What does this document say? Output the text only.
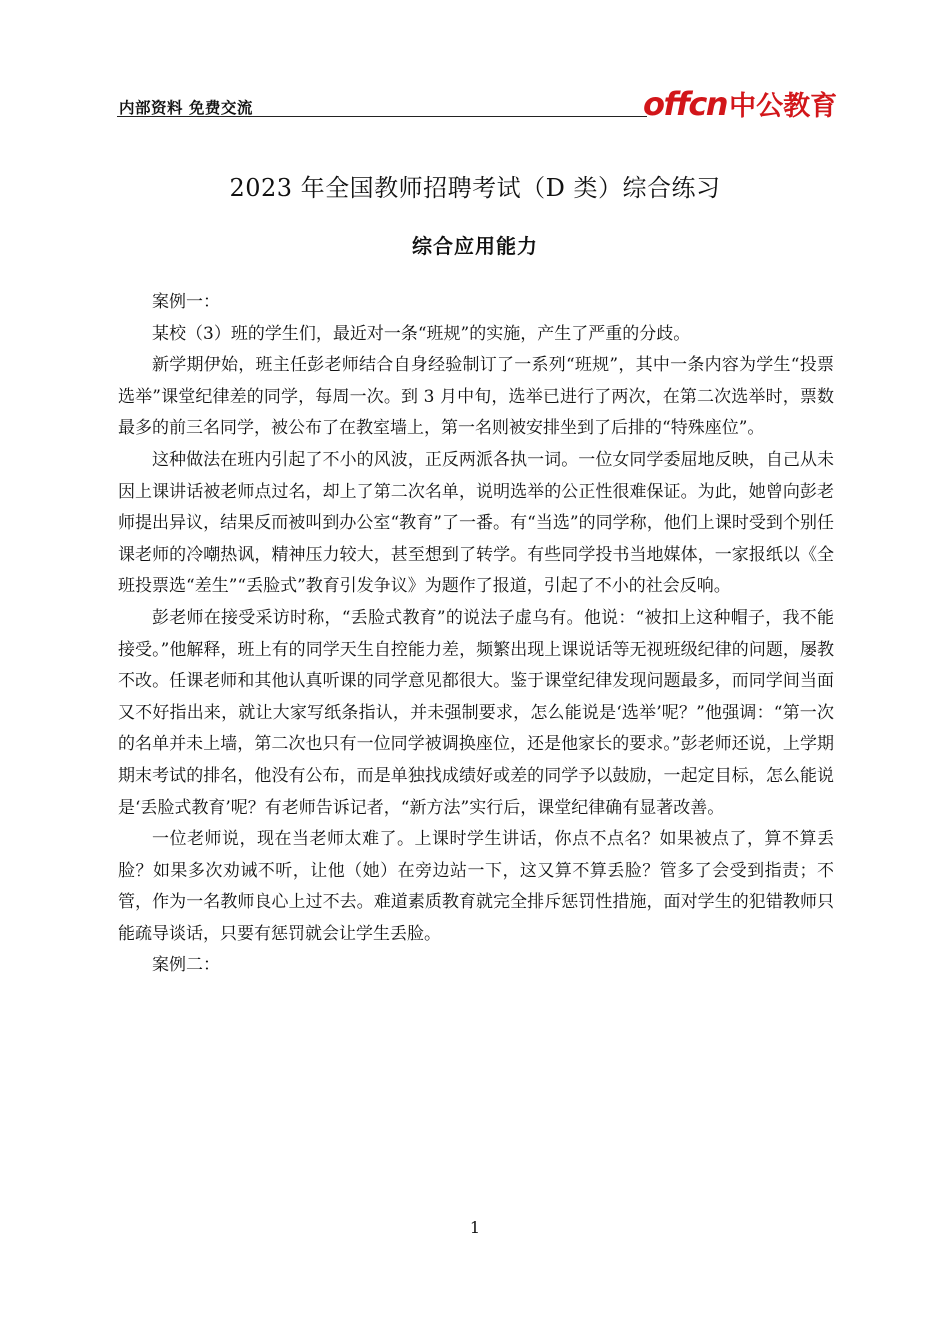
内部资料 免费交流	offcn 中公教育
2023 年全国教师招聘考试（D 类）综合练习
综合应用能力

案例一：

某校（3）班的学生们，最近对一条“班规”的实施，产生了严重的分歧。

新学期伊始，班主任彭老师结合自身经验制订了一系列“班规”，其中一条内容为学生“投票选举”课堂纪律差的同学，每周一次。到 3 月中旬，选举已进行了两次，在第二次选举时，票数最多的前三名同学，被公布了在教室墙上，第一名则被安排坐到了后排的“特殊座位”。

这种做法在班内引起了不小的风波，正反两派各执一词。一位女同学委屈地反映，自己从未因上课讲话被老师点过名，却上了第二次名单，说明选举的公正性很难保证。为此，她曾向彭老师提出异议，结果反而被叫到办公室“教育”了一番。有“当选”的同学称，他们上课时受到个别任课老师的冷嘲热讽，精神压力较大，甚至想到了转学。有些同学投书当地媒体，一家报纸以《全班投票选“差生”“丢脸式”教育引发争议》为题作了报道，引起了不小的社会反响。

彭老师在接受采访时称，“丢脸式教育”的说法子虚乌有。他说：“被扣上这种帽子，我不能接受。”他解释，班上有的同学天生自控能力差，频繁出现上课说话等无视班级纪律的问题，屡教不改。任课老师和其他认真听课的同学意见都很大。鉴于课堂纪律发现问题最多，而同学间当面又不好指出来，就让大家写纸条指认，并未强制要求，怎么能说是‘选举’呢？”他强调：“第一次的名单并未上墙，第二次也只有一位同学被调换座位，还是他家长的要求。”彭老师还说，上学期期末考试的排名，他没有公布，而是单独找成绩好或差的同学予以鼓励，一起定目标，怎么能说是‘丢脸式教育’呢？有老师告诉记者，“新方法”实行后，课堂纪律确有显著改善。

一位老师说，现在当老师太难了。上课时学生讲话，你点不点名？如果被点了，算不算丢脸？如果多次劝诫不听，让他（她）在旁边站一下，这又算不算丢脸？管多了会受到指责；不管，作为一名教师良心上过不去。难道素质教育就完全排斥惩罚性措施，面对学生的犯错教师只能疏导谈话，只要有惩罚就会让学生丢脸。

案例二：

1
